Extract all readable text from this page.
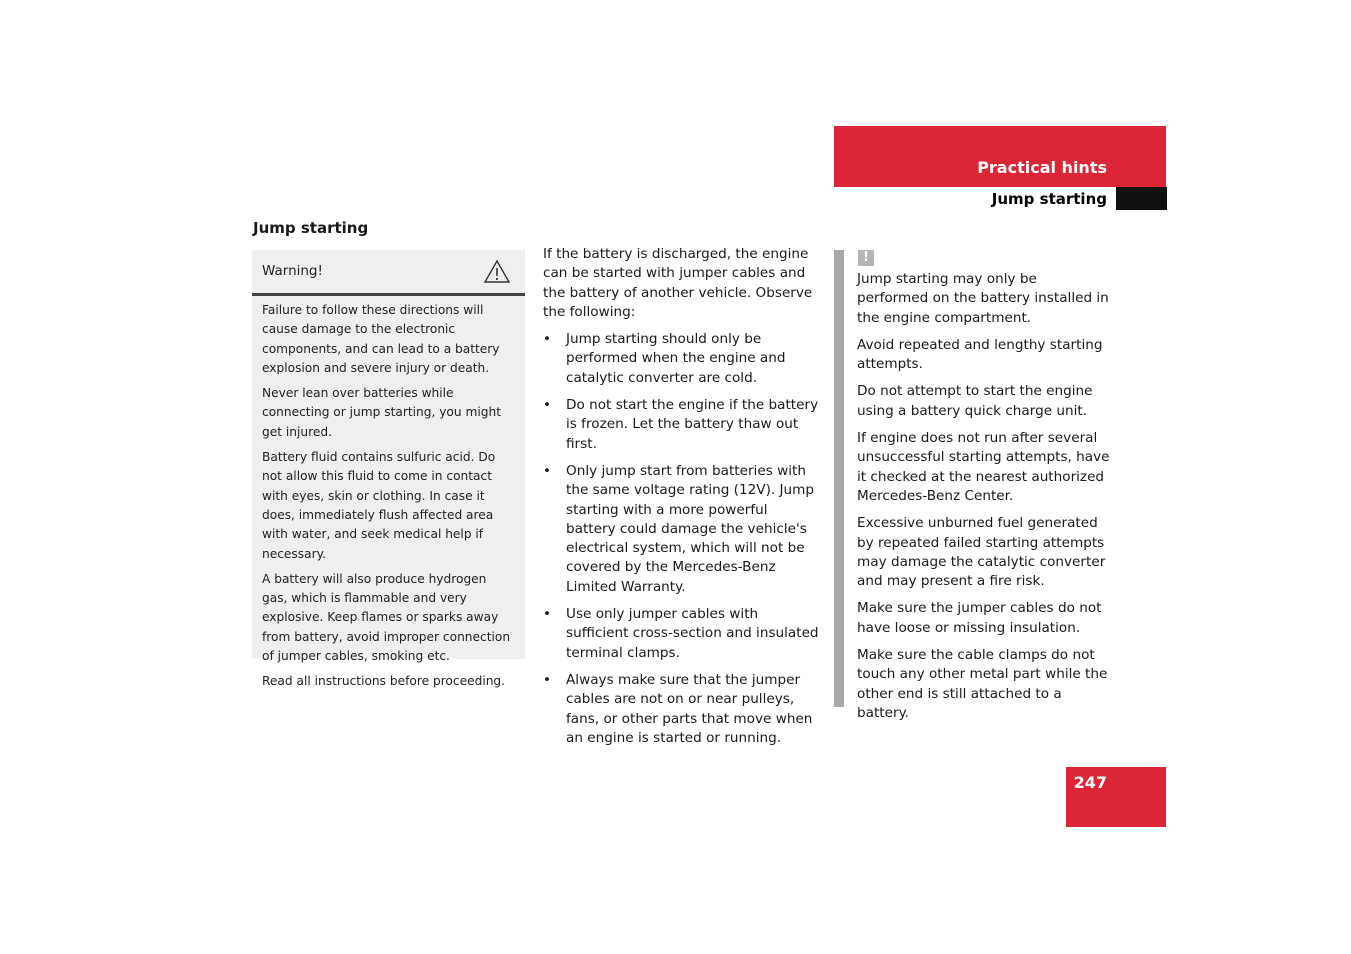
Practical hints
Jump starting
Jump starting
Warning!

Failure to follow these directions will cause damage to the electronic components, and can lead to a battery explosion and severe injury or death.

Never lean over batteries while connecting or jump starting, you might get injured.

Battery fluid contains sulfuric acid. Do not allow this fluid to come in contact with eyes, skin or clothing. In case it does, immediately flush affected area with water, and seek medical help if necessary.

A battery will also produce hydrogen gas, which is flammable and very explosive. Keep flames or sparks away from battery, avoid improper connection of jumper cables, smoking etc.

Read all instructions before proceeding.

If the battery is discharged, the engine can be started with jumper cables and the battery of another vehicle. Observe the following:

• Jump starting should only be performed when the engine and catalytic converter are cold.
• Do not start the engine if the battery is frozen. Let the battery thaw out first.
• Only jump start from batteries with the same voltage rating (12V). Jump starting with a more powerful battery could damage the vehicle's electrical system, which will not be covered by the Mercedes-Benz Limited Warranty.
• Use only jumper cables with sufficient cross-section and insulated terminal clamps.
• Always make sure that the jumper cables are not on or near pulleys, fans, or other parts that move when an engine is started or running.
!

Jump starting may only be performed on the battery installed in the engine compartment.

Avoid repeated and lengthy starting attempts.

Do not attempt to start the engine using a battery quick charge unit.

If engine does not run after several unsuccessful starting attempts, have it checked at the nearest authorized Mercedes-Benz Center.

Excessive unburned fuel generated by repeated failed starting attempts may damage the catalytic converter and may present a fire risk.

Make sure the jumper cables do not have loose or missing insulation.

Make sure the cable clamps do not touch any other metal part while the other end is still attached to a battery.

247
